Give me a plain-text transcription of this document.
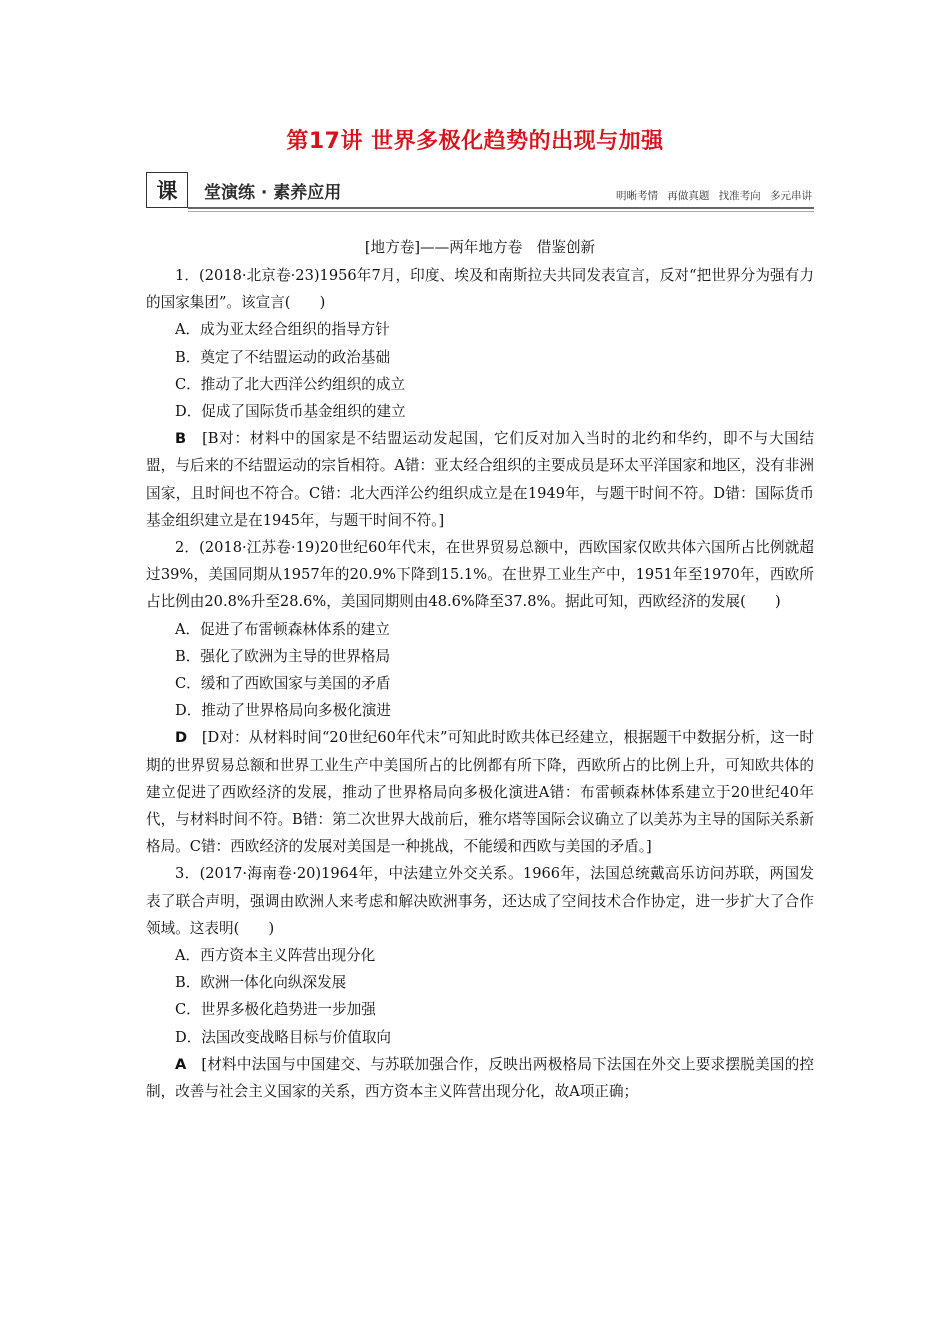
第17讲 世界多极化趋势的出现与加强
课	堂演练 · 素养应用	明晰考情 再做真题 找准考向 多元串讲
[地方卷]——两年地方卷　借鉴创新

1．(2018·北京卷·23)1956年7月，印度、埃及和南斯拉夫共同发表宣言，反对“把世界分为强有力的国家集团”。该宣言(　　)

A．成为亚太经合组织的指导方针

B．奠定了不结盟运动的政治基础

C．推动了北大西洋公约组织的成立

D．促成了国际货币基金组织的建立

B　 [B对：材料中的国家是不结盟运动发起国，它们反对加入当时的北约和华约，即不与大国结盟，与后来的不结盟运动的宗旨相符。A错：亚太经合组织的主要成员是环太平洋国家和地区，没有非洲国家，且时间也不符合。C错：北大西洋公约组织成立是在1949年，与题干时间不符。D错：国际货币基金组织建立是在1945年，与题干时间不符。]

2．(2018·江苏卷·19)20世纪60年代末，在世界贸易总额中，西欧国家仅欧共体六国所占比例就超过39%，美国同期从1957年的20.9%下降到15.1%。在世界工业生产中，1951年至1970年，西欧所占比例由20.8%升至28.6%，美国同期则由48.6%降至37.8%。据此可知，西欧经济的发展(　　)

A．促进了布雷顿森林体系的建立

B．强化了欧洲为主导的世界格局

C．缓和了西欧国家与美国的矛盾

D．推动了世界格局向多极化演进

D　 [D对：从材料时间“20世纪60年代末”可知此时欧共体已经建立，根据题干中数据分析，这一时期的世界贸易总额和世界工业生产中美国所占的比例都有所下降，西欧所占的比例上升，可知欧共体的建立促进了西欧经济的发展，推动了世界格局向多极化演进A错：布雷顿森林体系建立于20世纪40年代，与材料时间不符。B错：第二次世界大战前后，雅尔塔等国际会议确立了以美苏为主导的国际关系新格局。C错：西欧经济的发展对美国是一种挑战，不能缓和西欧与美国的矛盾。]

3．(2017·海南卷·20)1964年，中法建立外交关系。1966年，法国总统戴高乐访问苏联，两国发表了联合声明，强调由欧洲人来考虑和解决欧洲事务，还达成了空间技术合作协定，进一步扩大了合作领域。这表明(　　)

A．西方资本主义阵营出现分化

B．欧洲一体化向纵深发展

C．世界多极化趋势进一步加强

D．法国改变战略目标与价值取向

A　 [材料中法国与中国建交、与苏联加强合作，反映出两极格局下法国在外交上要求摆脱美国的控制，改善与社会主义国家的关系，西方资本主义阵营出现分化，故A项正确；
